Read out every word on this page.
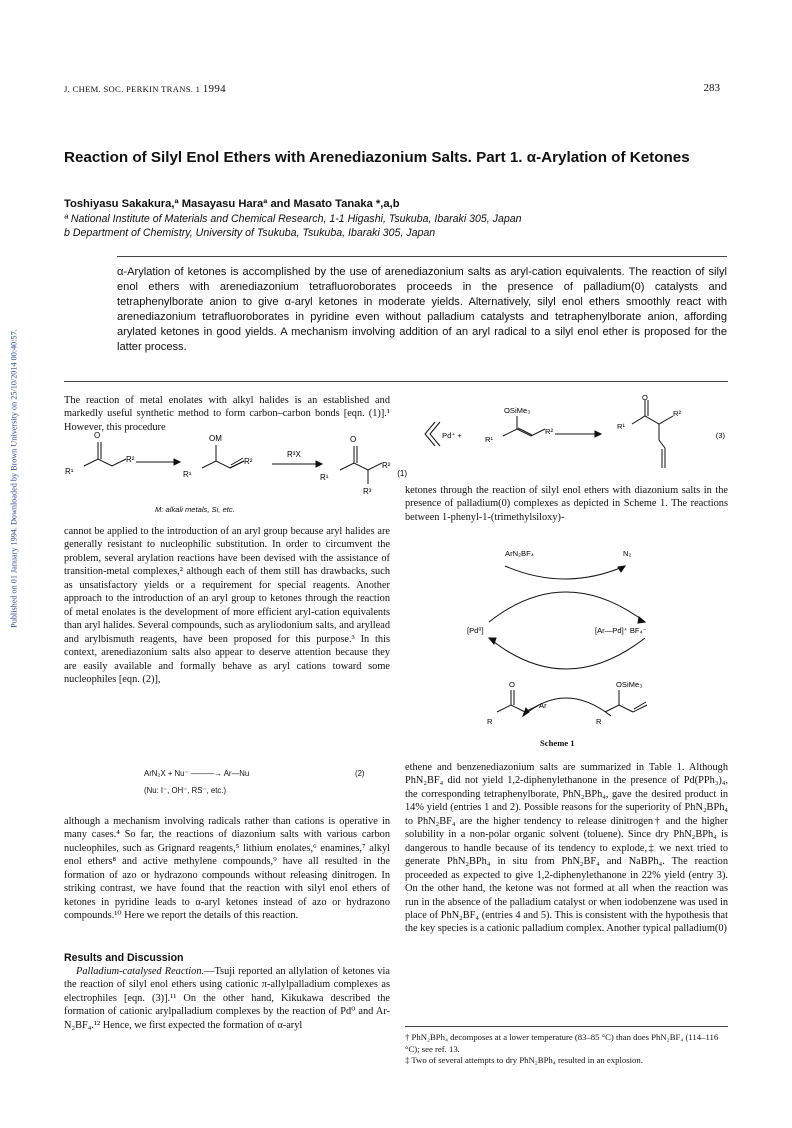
Published on 01 January 1994. Downloaded by Brown University on 25/10/2014 00:40:57.
J. CHEM. SOC. PERKIN TRANS. 1 1994	283
Reaction of Silyl Enol Ethers with Arenediazonium Salts. Part 1. α-Arylation of Ketones
Toshiyasu Sakakura,ª Masayasu Haraª and Masato Tanaka *,a,b
ª National Institute of Materials and Chemical Research, 1-1 Higashi, Tsukuba, Ibaraki 305, Japan
b Department of Chemistry, University of Tsukuba, Tsukuba, Ibaraki 305, Japan
α-Arylation of ketones is accomplished by the use of arenediazonium salts as aryl-cation equivalents. The reaction of silyl enol ethers with arenediazonium tetrafluoroborates proceeds in the presence of palladium(0) catalysts and tetraphenylborate anion to give α-aryl ketones in moderate yields. Alternatively, silyl enol ethers smoothly react with arenediazonium tetrafluoroborates in pyridine even without palladium catalysts and tetraphenylborate anion, affording arylated ketones in good yields. A mechanism involving addition of an aryl radical to a silyl enol ether is proposed for the latter process.
The reaction of metal enolates with alkyl halides is an established and markedly useful synthetic method to form carbon–carbon bonds [eqn. (1)].¹ However, this procedure
O
R¹
R²
OM
R¹
R²
R³X
O
R¹
R²
R³
(1)
M: alkali metals, Si, etc.
cannot be applied to the introduction of an aryl group because aryl halides are generally resistant to nucleophilic substitution. In order to circumvent the problem, several arylation reactions have been devised with the assistance of transition-metal complexes,² although each of them still has drawbacks, such as unsatisfactory yields or a requirement for special reagents. Another approach to the introduction of an aryl group to ketones through the reaction of metal enolates is the development of more efficient aryl-cation equivalents than aryl halides. Several compounds, such as aryliodonium salts, and aryllead and arylbismuth reagents, have been proposed for this purpose.³ In this context, arenediazonium salts also appear to deserve attention because they are easily available and formally behave as aryl cations toward some nucleophiles [eqn. (2)],
ArN₂X + Nu⁻ ———→ Ar—Nu	(2)
(Nu: I⁻, OH⁻, RS⁻, etc.)
although a mechanism involving radicals rather than cations is operative in many cases.⁴ So far, the reactions of diazonium salts with various carbon nucleophiles, such as Grignard reagents,⁵ lithium enolates,⁶ enamines,⁷ alkyl enol ethers⁸ and active methylene compounds,⁹ have all resulted in the formation of azo or hydrazono compounds without releasing dinitrogen. In striking contrast, we have found that the reaction with silyl enol ethers of ketones in pyridine leads to α-aryl ketones instead of azo or hydrazono compounds.¹⁰ Here we report the details of this reaction.
Results and Discussion

Palladium-catalysed Reaction.—Tsuji reported an allylation of ketones via the reaction of silyl enol ethers using cationic π-allylpalladium complexes as electrophiles [eqn. (3)].¹¹ On the other hand, Kikukawa described the formation of cationic arylpalladium complexes by the reaction of Pd⁰ and Ar-N₂BF₄.¹² Hence, we first expected the formation of α-aryl

OSiMe₃
Pd⁺ +	R¹
R²
O
R¹
R²
(3)
ketones through the reaction of silyl enol ethers with diazonium salts in the presence of palladium(0) complexes as depicted in Scheme 1. The reactions between 1-phenyl-1-(trimethylsiloxy)-
ArN₂BF₄	N₂
[Pd⁰]	[Ar—Pd]⁺ BF₄⁻
O
R
Ar
OSiMe₃
R
Scheme 1
ethene and benzenediazonium salts are summarized in Table 1. Although PhN₂BF₄ did not yield 1,2-diphenylethanone in the presence of Pd(PPh₃)₄, the corresponding tetraphenylborate, PhN₂BPh₄, gave the desired product in 14% yield (entries 1 and 2). Possible reasons for the superiority of PhN₂BPh₄ to PhN₂BF₄ are the higher tendency to release dinitrogen† and the higher solubility in a non-polar organic solvent (toluene). Since dry PhN₂BPh₄ is dangerous to handle because of its tendency to explode,‡ we next tried to generate PhN₂BPh₄ in situ from PhN₂BF₄ and NaBPh₄. The reaction proceeded as expected to give 1,2-diphenylethanone in 22% yield (entry 3). On the other hand, the ketone was not formed at all when the reaction was run in the absence of the palladium catalyst or when iodobenzene was used in place of PhN₂BF₄ (entries 4 and 5). This is consistent with the hypothesis that the key species is a cationic palladium complex. Another typical palladium(0)
† PhN₂BPh₄ decomposes at a lower temperature (83–85 °C) than does PhN₂BF₄ (114–116 °C); see ref. 13.
‡ Two of several attempts to dry PhN₂BPh₄ resulted in an explosion.
